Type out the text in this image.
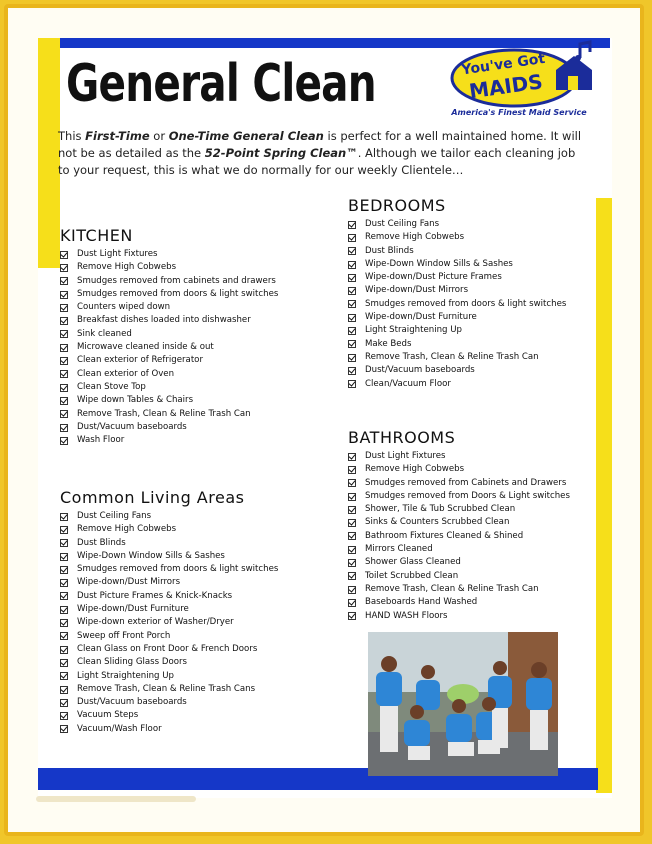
General Clean	You've Got
MAIDS
America's Finest Maid Service
This First-Time or One-Time General Clean is perfect for a well maintained home. It will not be as detailed as the 52-Point Spring Clean™. Although we tailor each cleaning job to your request, this is what we do normally for our weekly Clientele…
KITCHEN
Dust Light Fixtures
Remove High Cobwebs
Smudges removed from cabinets and drawers
Smudges removed from doors & light switches
Counters wiped down
Breakfast dishes loaded into dishwasher
Sink cleaned
Microwave cleaned inside & out
Clean exterior of Refrigerator
Clean exterior of Oven
Clean Stove Top
Wipe down Tables & Chairs
Remove Trash, Clean & Reline Trash Can
Dust/Vacuum baseboards
Wash Floor
Common Living Areas
Dust Ceiling Fans
Remove High Cobwebs
Dust Blinds
Wipe-Down Window Sills & Sashes
Smudges removed from doors & light switches
Wipe-down/Dust Mirrors
Dust Picture Frames & Knick-Knacks
Wipe-down/Dust Furniture
Wipe-down exterior of Washer/Dryer
Sweep off Front Porch
Clean Glass on Front Door & French Doors
Clean Sliding Glass Doors
Light Straightening Up
Remove Trash, Clean & Reline Trash Cans
Dust/Vacuum baseboards
Vacuum Steps
Vacuum/Wash Floor
BEDROOMS
Dust Ceiling Fans
Remove High Cobwebs
Dust Blinds
Wipe-Down Window Sills & Sashes
Wipe-down/Dust Picture Frames
Wipe-down/Dust Mirrors
Smudges removed from doors & light switches
Wipe-down/Dust Furniture
Light Straightening Up
Make Beds
Remove Trash, Clean & Reline Trash Can
Dust/Vacuum baseboards
Clean/Vacuum Floor
BATHROOMS
Dust Light Fixtures
Remove High Cobwebs
Smudges removed from Cabinets and Drawers
Smudges removed from Doors & Light switches
Shower, Tile & Tub Scrubbed Clean
Sinks & Counters Scrubbed Clean
Bathroom Fixtures Cleaned & Shined
Mirrors Cleaned
Shower Glass Cleaned
Toilet Scrubbed Clean
Remove Trash, Clean & Reline Trash Can
Baseboards Hand Washed
HAND WASH Floors
